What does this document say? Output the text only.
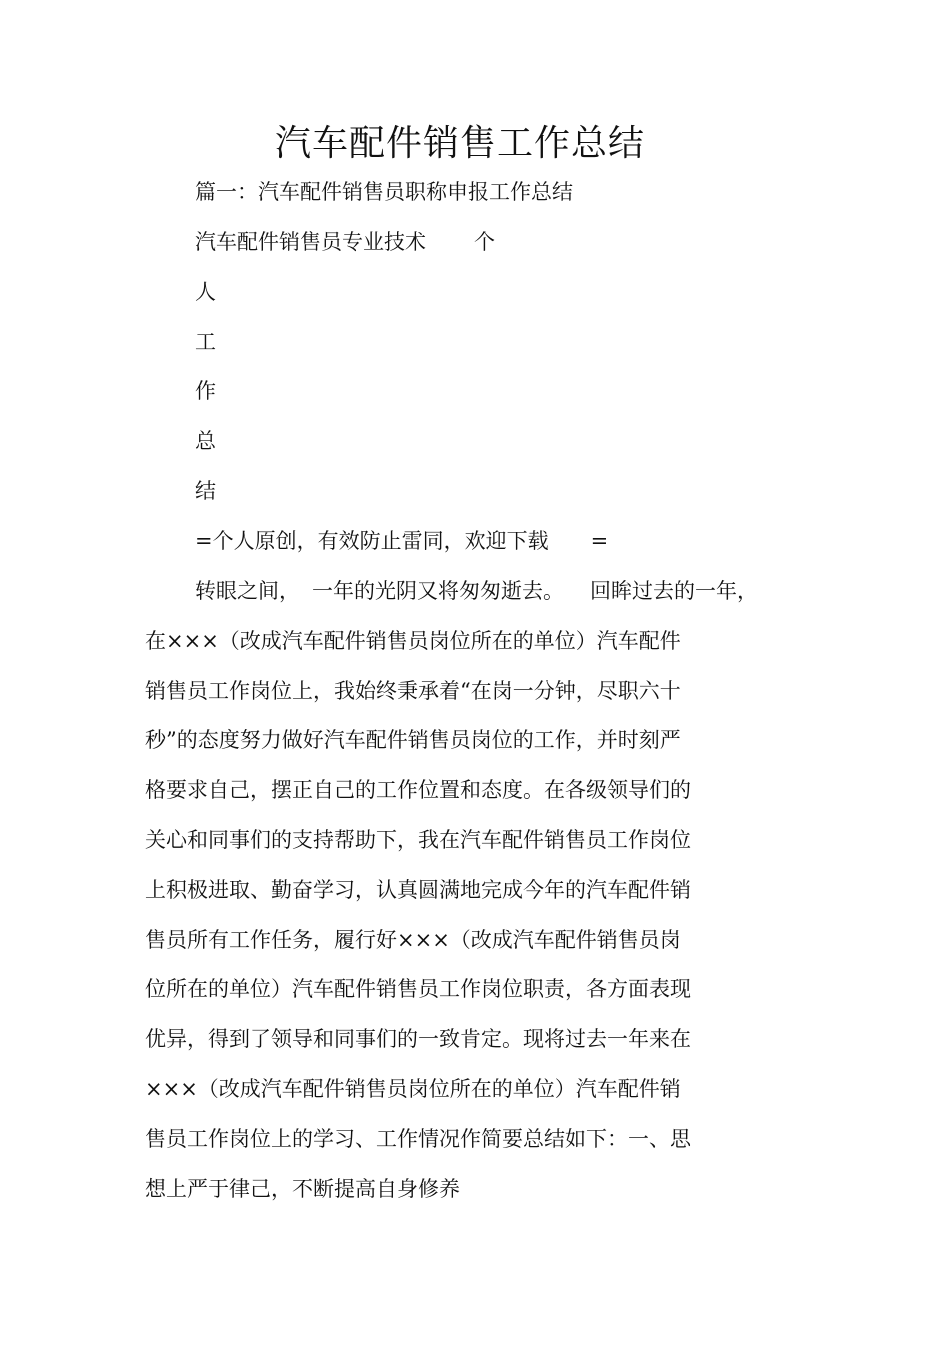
汽车配件销售工作总结
篇一：汽车配件销售员职称申报工作总结
汽车配件销售员专业技术 个
人
工
作
总
结
=个人原创，有效防止雷同，欢迎下载 =
转眼之间， 一年的光阴又将匆匆逝去。 回眸过去的一年，
在×××（改成汽车配件销售员岗位所在的单位）汽车配件
销售员工作岗位上，我始终秉承着“在岗一分钟，尽职六十
秒”的态度努力做好汽车配件销售员岗位的工作，并时刻严
格要求自己，摆正自己的工作位置和态度。在各级领导们的
关心和同事们的支持帮助下，我在汽车配件销售员工作岗位
上积极进取、勤奋学习，认真圆满地完成今年的汽车配件销
售员所有工作任务，履行好×××（改成汽车配件销售员岗
位所在的单位）汽车配件销售员工作岗位职责，各方面表现
优异，得到了领导和同事们的一致肯定。现将过去一年来在
×××（改成汽车配件销售员岗位所在的单位）汽车配件销
售员工作岗位上的学习、工作情况作简要总结如下：一、思
想上严于律己，不断提高自身修养
